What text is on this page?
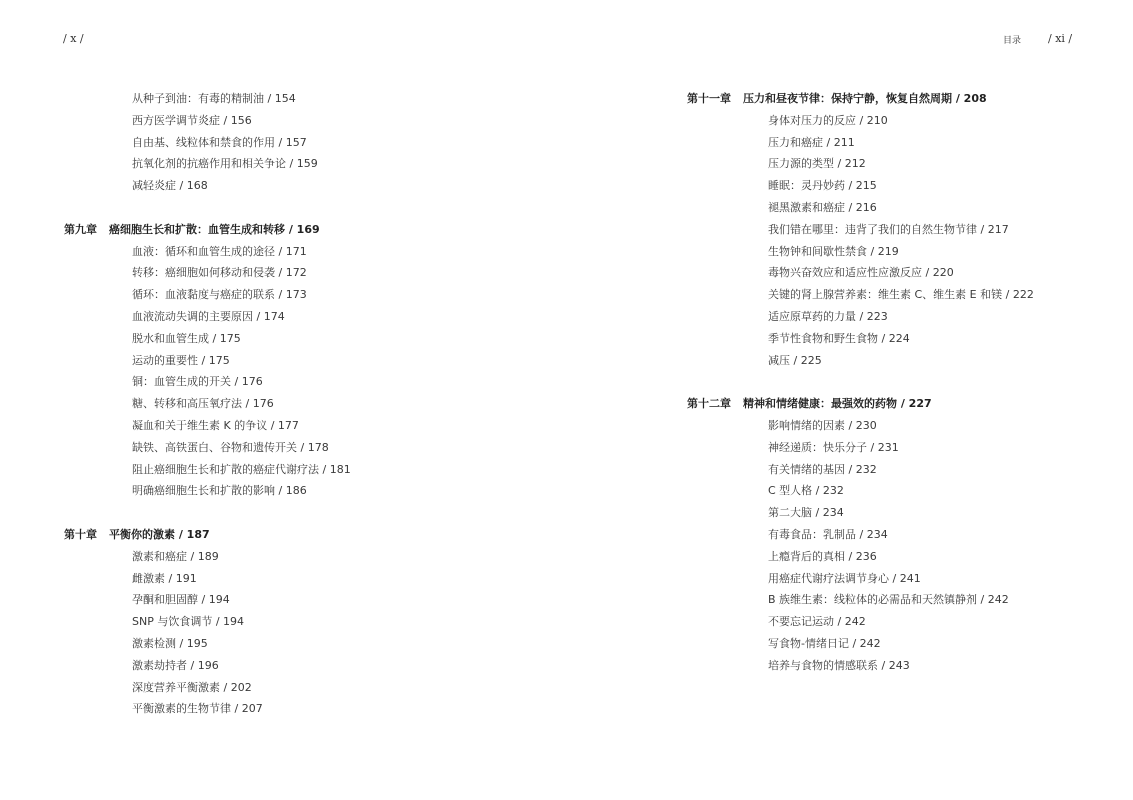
/ x /	目录 / xi /
从种子到油：有毒的精制油 / 154
西方医学调节炎症 / 156
自由基、线粒体和禁食的作用 / 157
抗氧化剂的抗癌作用和相关争论 / 159
减轻炎症 / 168
第九章 癌细胞生长和扩散：血管生成和转移 / 169
血液：循环和血管生成的途径 / 171
转移：癌细胞如何移动和侵袭 / 172
循环：血液黏度与癌症的联系 / 173
血液流动失调的主要原因 / 174
脱水和血管生成 / 175
运动的重要性 / 175
铜：血管生成的开关 / 176
糖、转移和高压氧疗法 / 176
凝血和关于维生素 K 的争议 / 177
缺铁、高铁蛋白、谷物和遗传开关 / 178
阻止癌细胞生长和扩散的癌症代谢疗法 / 181
明确癌细胞生长和扩散的影响 / 186
第十章 平衡你的激素 / 187
激素和癌症 / 189
雌激素 / 191
孕酮和胆固醇 / 194
SNP 与饮食调节 / 194
激素检测 / 195
激素劫持者 / 196
深度营养平衡激素 / 202
平衡激素的生物节律 / 207
第十一章 压力和昼夜节律：保持宁静，恢复自然周期 / 208
身体对压力的反应 / 210
压力和癌症 / 211
压力源的类型 / 212
睡眠：灵丹妙药 / 215
褪黑激素和癌症 / 216
我们错在哪里：违背了我们的自然生物节律 / 217
生物钟和间歇性禁食 / 219
毒物兴奋效应和适应性应激反应 / 220
关键的肾上腺营养素：维生素 C、维生素 E 和镁 / 222
适应原草药的力量 / 223
季节性食物和野生食物 / 224
减压 / 225
第十二章 精神和情绪健康：最强效的药物 / 227
影响情绪的因素 / 230
神经递质：快乐分子 / 231
有关情绪的基因 / 232
C 型人格 / 232
第二大脑 / 234
有毒食品：乳制品 / 234
上瘾背后的真相 / 236
用癌症代谢疗法调节身心 / 241
B 族维生素：线粒体的必需品和天然镇静剂 / 242
不要忘记运动 / 242
写食物-情绪日记 / 242
培养与食物的情感联系 / 243
